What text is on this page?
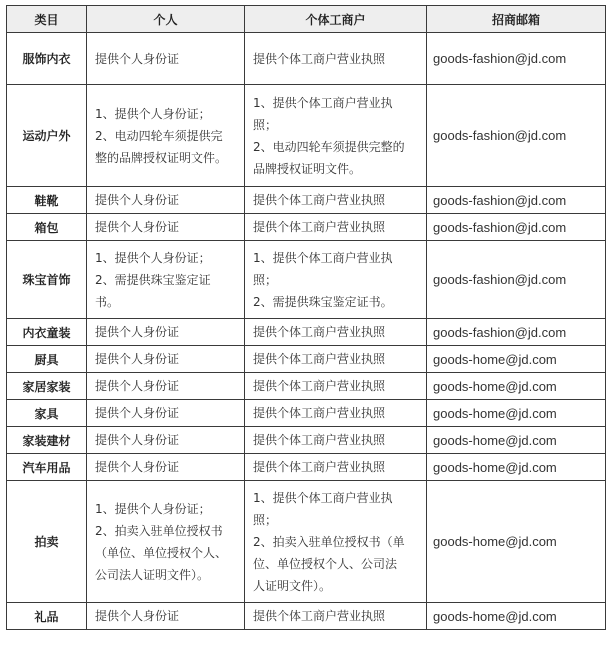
类目	个人	个体工商户	招商邮箱
服饰内衣	提供个人身份证	提供个体工商户营业执照	goods-fashion@jd.com
运动户外	1、提供个人身份证；
2、电动四轮车须提供完
整的品牌授权证明文件。	1、提供个体工商户营业执
照；
2、电动四轮车须提供完整的
品牌授权证明文件。	goods-fashion@jd.com
鞋靴	提供个人身份证	提供个体工商户营业执照	goods-fashion@jd.com
箱包	提供个人身份证	提供个体工商户营业执照	goods-fashion@jd.com
珠宝首饰	1、提供个人身份证；
2、需提供珠宝鉴定证
书。	1、提供个体工商户营业执
照；
2、需提供珠宝鉴定证书。	goods-fashion@jd.com
内衣童装	提供个人身份证	提供个体工商户营业执照	goods-fashion@jd.com
厨具	提供个人身份证	提供个体工商户营业执照	goods-home@jd.com
家居家装	提供个人身份证	提供个体工商户营业执照	goods-home@jd.com
家具	提供个人身份证	提供个体工商户营业执照	goods-home@jd.com
家装建材	提供个人身份证	提供个体工商户营业执照	goods-home@jd.com
汽车用品	提供个人身份证	提供个体工商户营业执照	goods-home@jd.com
拍卖	1、提供个人身份证；
2、拍卖入驻单位授权书
（单位、单位授权个人、
公司法人证明文件）。	1、提供个体工商户营业执
照；
2、拍卖入驻单位授权书（单
位、单位授权个人、公司法
人证明文件）。	goods-home@jd.com
礼品	提供个人身份证	提供个体工商户营业执照	goods-home@jd.com
